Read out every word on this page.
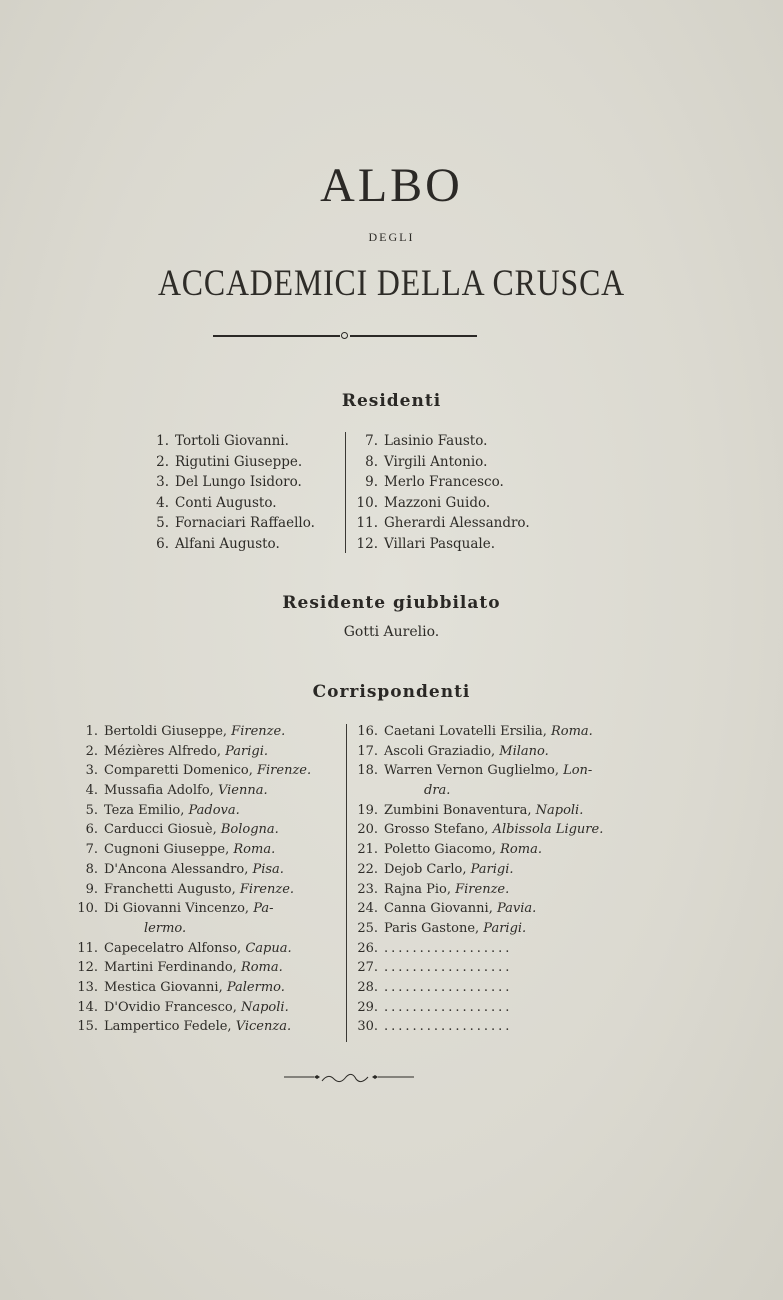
ALBO
DEGLI
ACCADEMICI DELLA CRUSCA
Residenti
1. Tortoli Giovanni.
2. Rigutini Giuseppe.
3. Del Lungo Isidoro.
4. Conti Augusto.
5. Fornaciari Raffaello.
6. Alfani Augusto.
7. Lasinio Fausto.
8. Virgili Antonio.
9. Merlo Francesco.
10. Mazzoni Guido.
11. Gherardi Alessandro.
12. Villari Pasquale.
Residente giubbilato
Gotti Aurelio.
Corrispondenti
1. Bertoldi Giuseppe, Firenze.
2. Mézières Alfredo, Parigi.
3. Comparetti Domenico, Firenze.
4. Mussafia Adolfo, Vienna.
5. Teza Emilio, Padova.
6. Carducci Giosuè, Bologna.
7. Cugnoni Giuseppe, Roma.
8. D'Ancona Alessandro, Pisa.
9. Franchetti Augusto, Firenze.
10. Di Giovanni Vincenzo, Pa-
lermo.
11. Capecelatro Alfonso, Capua.
12. Martini Ferdinando, Roma.
13. Mestica Giovanni, Palermo.
14. D'Ovidio Francesco, Napoli.
15. Lampertico Fedele, Vicenza.
16. Caetani Lovatelli Ersilia, Roma.
17. Ascoli Graziadio, Milano.
18. Warren Vernon Guglielmo, Lon-
dra.
19. Zumbini Bonaventura, Napoli.
20. Grosso Stefano, Albissola Ligure.
21. Poletto Giacomo, Roma.
22. Dejob Carlo, Parigi.
23. Rajna Pio, Firenze.
24. Canna Giovanni, Pavia.
25. Paris Gastone, Parigi.
26. ..................
27. ..................
28. ..................
29. ..................
30. ..................
